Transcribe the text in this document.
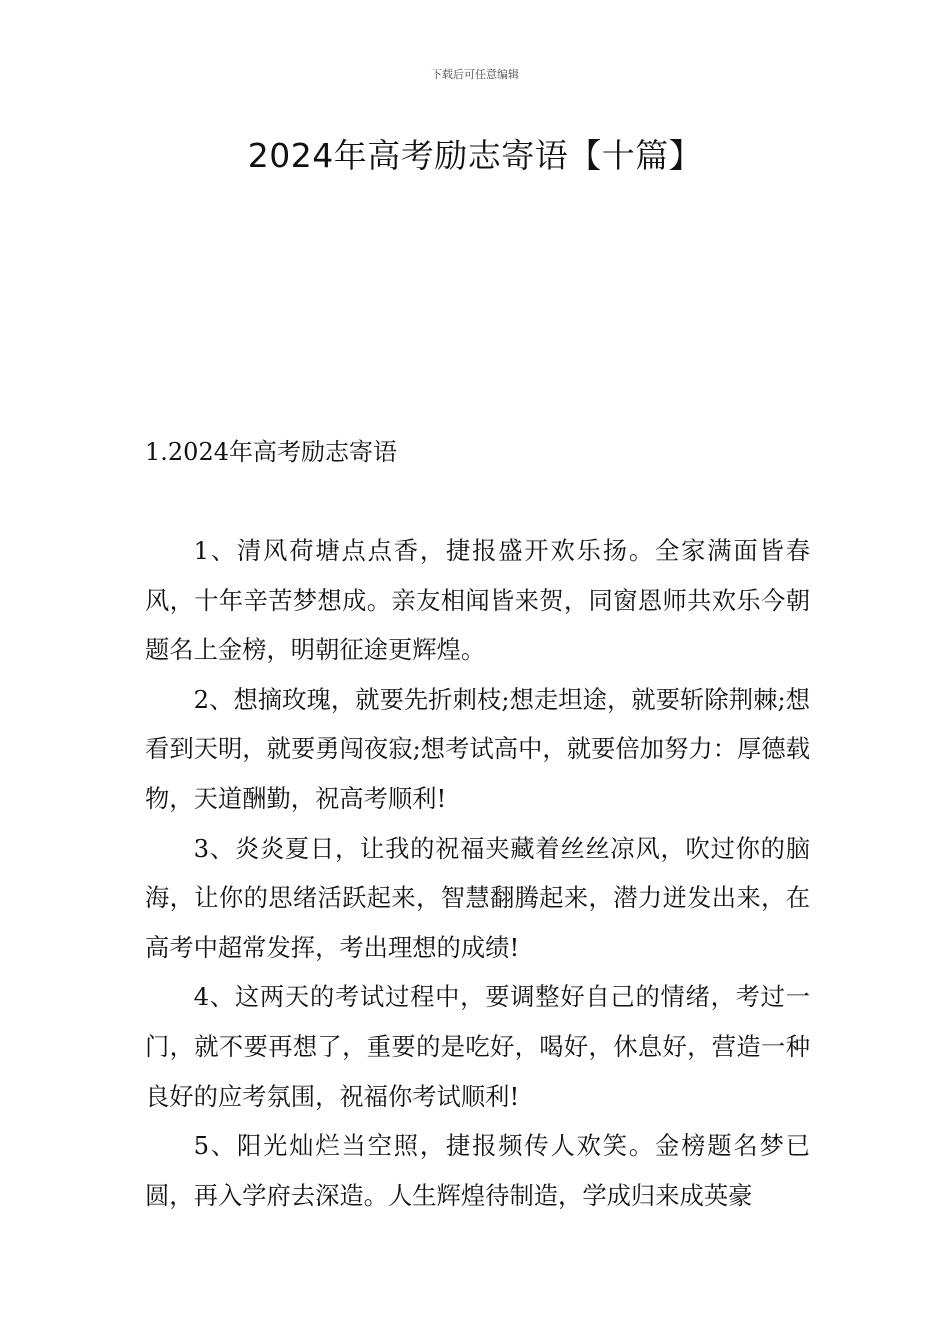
下载后可任意编辑
2024年高考励志寄语【十篇】
1.2024年高考励志寄语

1、清风荷塘点点香，捷报盛开欢乐扬。全家满面皆春风，十年辛苦梦想成。亲友相闻皆来贺，同窗恩师共欢乐今朝题名上金榜，明朝征途更辉煌。

2、想摘玫瑰，就要先折刺枝;想走坦途，就要斩除荆棘;想看到天明，就要勇闯夜寂;想考试高中，就要倍加努力：厚德载物，天道酬勤，祝高考顺利!

3、炎炎夏日，让我的祝福夹藏着丝丝凉风，吹过你的脑海，让你的思绪活跃起来，智慧翻腾起来，潜力迸发出来，在高考中超常发挥，考出理想的成绩!

4、这两天的考试过程中，要调整好自己的情绪，考过一门，就不要再想了，重要的是吃好，喝好，休息好，营造一种良好的应考氛围，祝福你考试顺利!

5、阳光灿烂当空照，捷报频传人欢笑。金榜题名梦已圆，再入学府去深造。人生辉煌待制造，学成归来成英豪
